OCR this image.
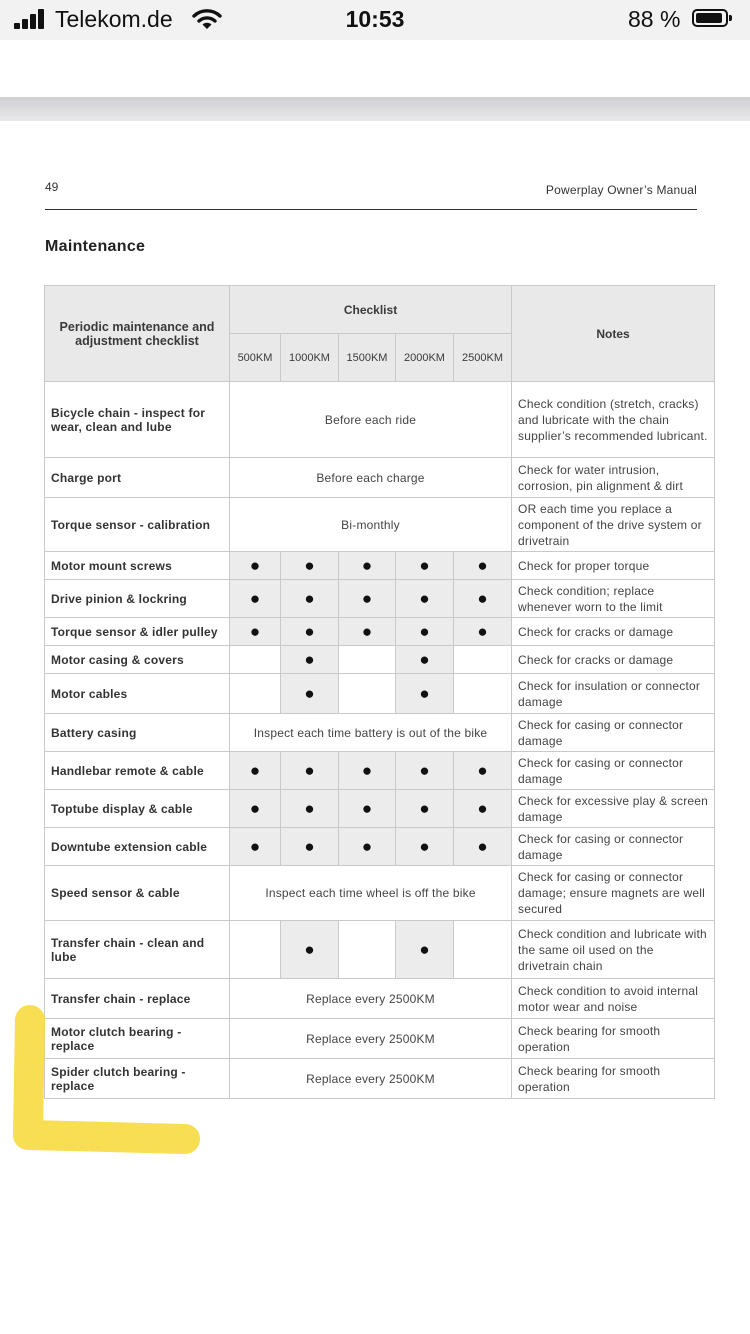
Telekom.de	10:53	88 %
49	Powerplay Owner’s Manual
Maintenance
Periodic maintenance and adjustment checklist	Checklist					Notes
	500KM	1000KM	1500KM	2000KM	2500KM	
Bicycle chain - inspect for wear, clean and lube	Before each ride					Check condition (stretch, cracks) and lubricate with the chain supplier’s recommended lubricant.
Charge port	Before each charge					Check for water intrusion, corrosion, pin alignment & dirt
Torque sensor - calibration	Bi-monthly					OR each time you replace a component of the drive system or drivetrain
Motor mount screws	●	●	●	●	●	Check for proper torque
Drive pinion & lockring	●	●	●	●	●	Check condition; replace whenever worn to the limit
Torque sensor & idler pulley	●	●	●	●	●	Check for cracks or damage
Motor casing & covers		●		●		Check for cracks or damage
Motor cables		●		●		Check for insulation or connector damage
Battery casing	Inspect each time battery is out of the bike					Check for casing or connector damage
Handlebar remote & cable	●	●	●	●	●	Check for casing or connector damage
Toptube display & cable	●	●	●	●	●	Check for excessive play & screen damage
Downtube extension cable	●	●	●	●	●	Check for casing or connector damage
Speed sensor & cable	Inspect each time wheel is off the bike					Check for casing or connector damage; ensure magnets are well secured
Transfer chain - clean and lube		●		●		Check condition and lubricate with the same oil used on the drivetrain chain
Transfer chain - replace	Replace every 2500KM					Check condition to avoid internal motor wear and noise
Motor clutch bearing - replace	Replace every 2500KM					Check bearing for smooth operation
Spider clutch bearing - replace	Replace every 2500KM					Check bearing for smooth operation
